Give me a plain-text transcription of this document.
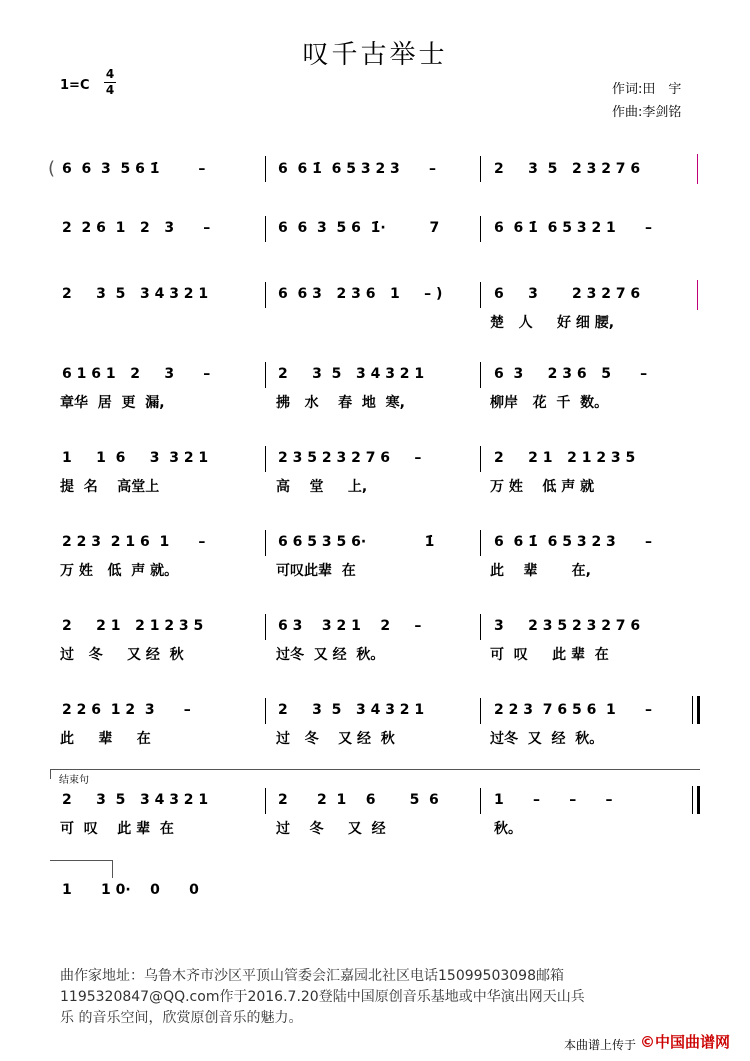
叹千古举士
1=C
4
4	作词:田　宇
作曲:李剑铭
( 6  6  3  5 6 1̇        –	6  6 1̇  6 5 3 2 3      –	2     3  5   2 3 2 7 6
2  2 6  1   2   3      –	6  6  3  5 6  1̇·         7	6  6 1̇  6 5 3 2 1      –
2     3  5   3 4 3 2 1	6  6 3   2 3 6   1     – )	6     3       2 3 2 7 6
楚   人     好 细 腰,
6 1 6 1   2     3      –	2     3  5   3 4 3 2 1	6  3     2 3 6   5      –
章华  居  更  漏,	拂   水    春  地  寒,	柳岸   花  千  数。
1     1  6     3  3 2 1	2 3 5 2 3 2 7 6     –	2     2 1   2 1 2 3 5
提  名    高堂上	高    堂     上,	万 姓    低 声 就
2 2 3  2 1 6  1      –	6 6 5 3 5 6·            1̇	6  6 1̇  6 5 3 2 3      –
万 姓   低  声 就。	可叹此辈  在	此    辈       在,
2     2 1   2 1 2 3 5	6 3    3 2 1    2     –	3     2 3 5 2 3 2 7 6
过   冬     又 经  秋	过冬  又 经  秋。	可  叹     此 辈  在
2 2 6  1 2  3      –	2     3  5   3 4 3 2 1	2 2 3  7 6 5 6  1      –
此     辈     在	过   冬    又 经  秋	过冬  又  经  秋。
结束句
2     3  5   3 4 3 2 1	2      2  1    6       5  6	1      –      –      –
可  叹    此 辈  在	过    冬     又  经	秋。
1      1 0·    0      0
曲作家地址：乌鲁木齐市沙区平顶山管委会汇嘉园北社区电话15099503098邮箱
1195320847@QQ.com作于2016.7.20登陆中国原创音乐基地或中华演出网天山兵
乐 的音乐空间，欣赏原创音乐的魅力。
本曲谱上传于 ©中国曲谱网
